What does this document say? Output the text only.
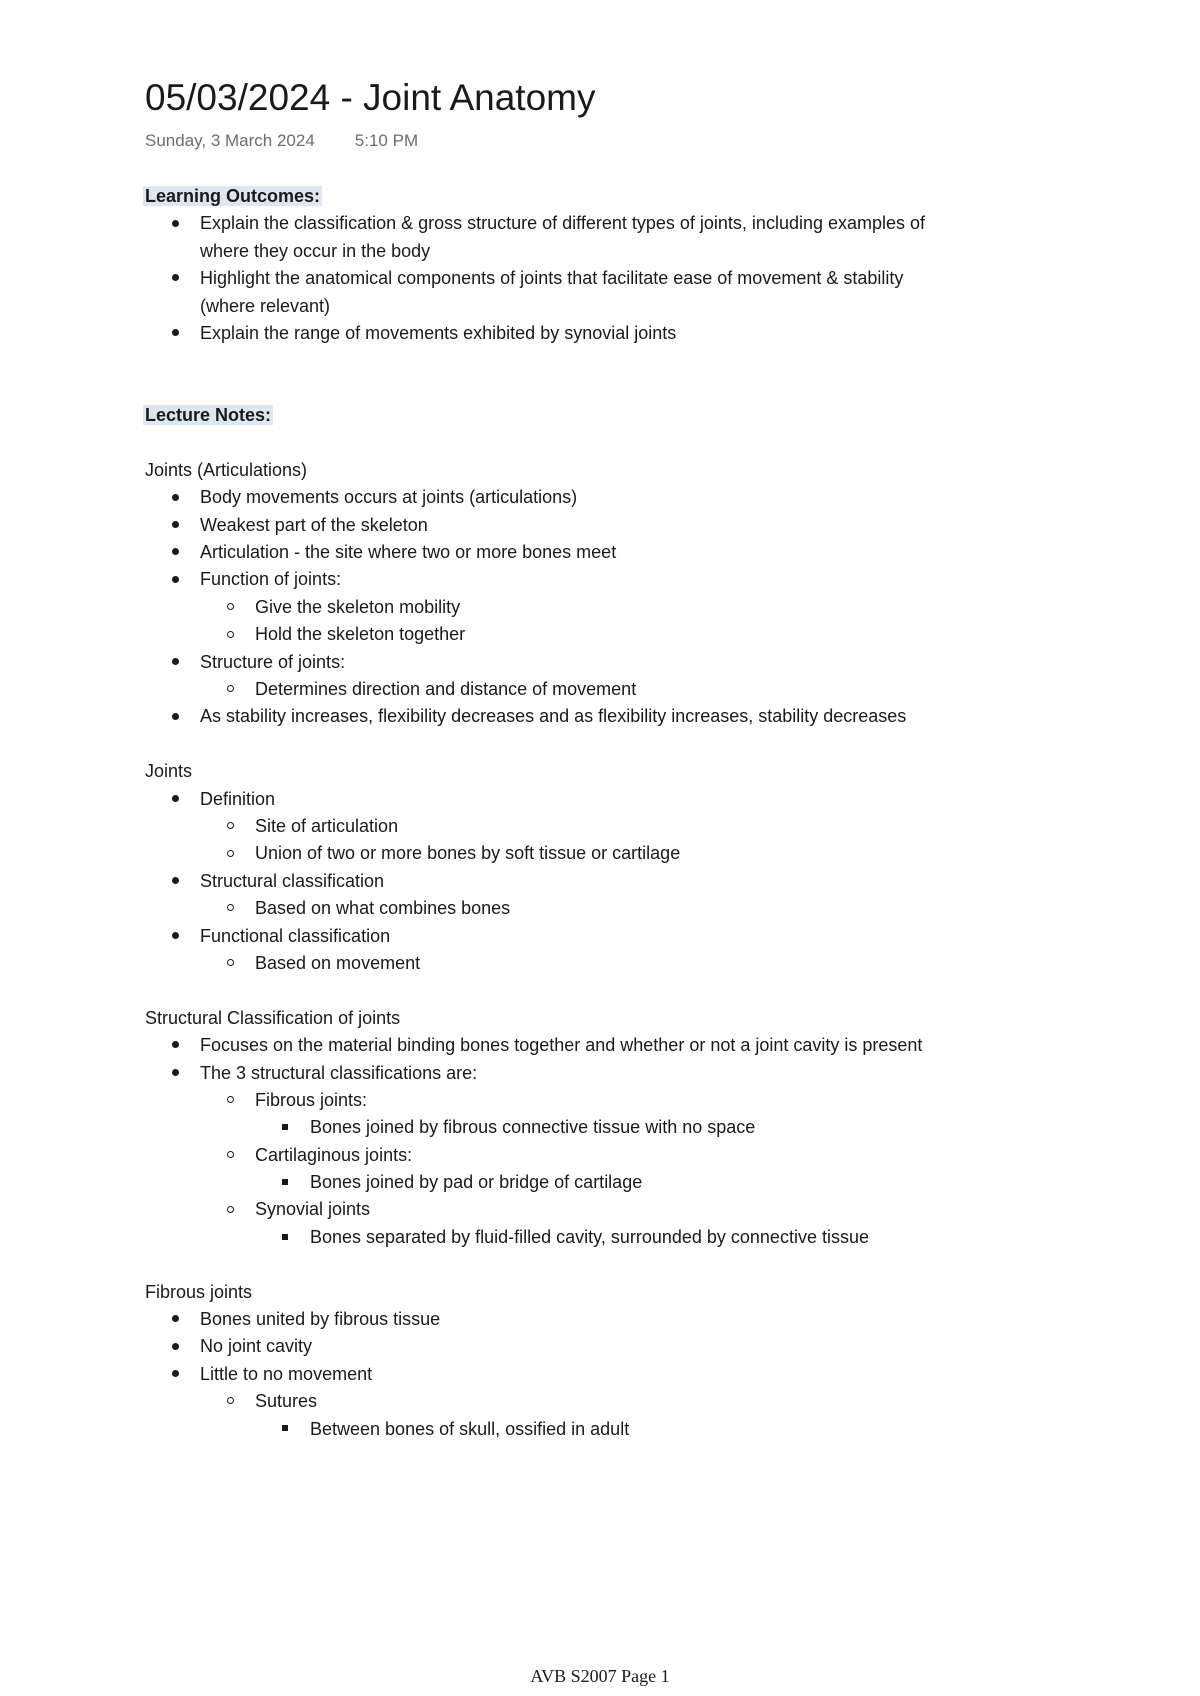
05/03/2024 - Joint Anatomy
Sunday, 3 March 2024 5:10 PM
Learning Outcomes:
Explain the classification & gross structure of different types of joints, including examples of
where they occur in the body
Highlight the anatomical components of joints that facilitate ease of movement & stability
(where relevant)
Explain the range of movements exhibited by synovial joints
Lecture Notes:
Joints (Articulations)
Body movements occurs at joints (articulations)
Weakest part of the skeleton
Articulation - the site where two or more bones meet
Function of joints:
Give the skeleton mobility
Hold the skeleton together
Structure of joints:
Determines direction and distance of movement
As stability increases, flexibility decreases and as flexibility increases, stability decreases
Joints
Definition
Site of articulation
Union of two or more bones by soft tissue or cartilage
Structural classification
Based on what combines bones
Functional classification
Based on movement
Structural Classification of joints
Focuses on the material binding bones together and whether or not a joint cavity is present
The 3 structural classifications are:
Fibrous joints:
Bones joined by fibrous connective tissue with no space
Cartilaginous joints:
Bones joined by pad or bridge of cartilage
Synovial joints
Bones separated by fluid-filled cavity, surrounded by connective tissue
Fibrous joints
Bones united by fibrous tissue
No joint cavity
Little to no movement
Sutures
Between bones of skull, ossified in adult
AVB S2007 Page 1
